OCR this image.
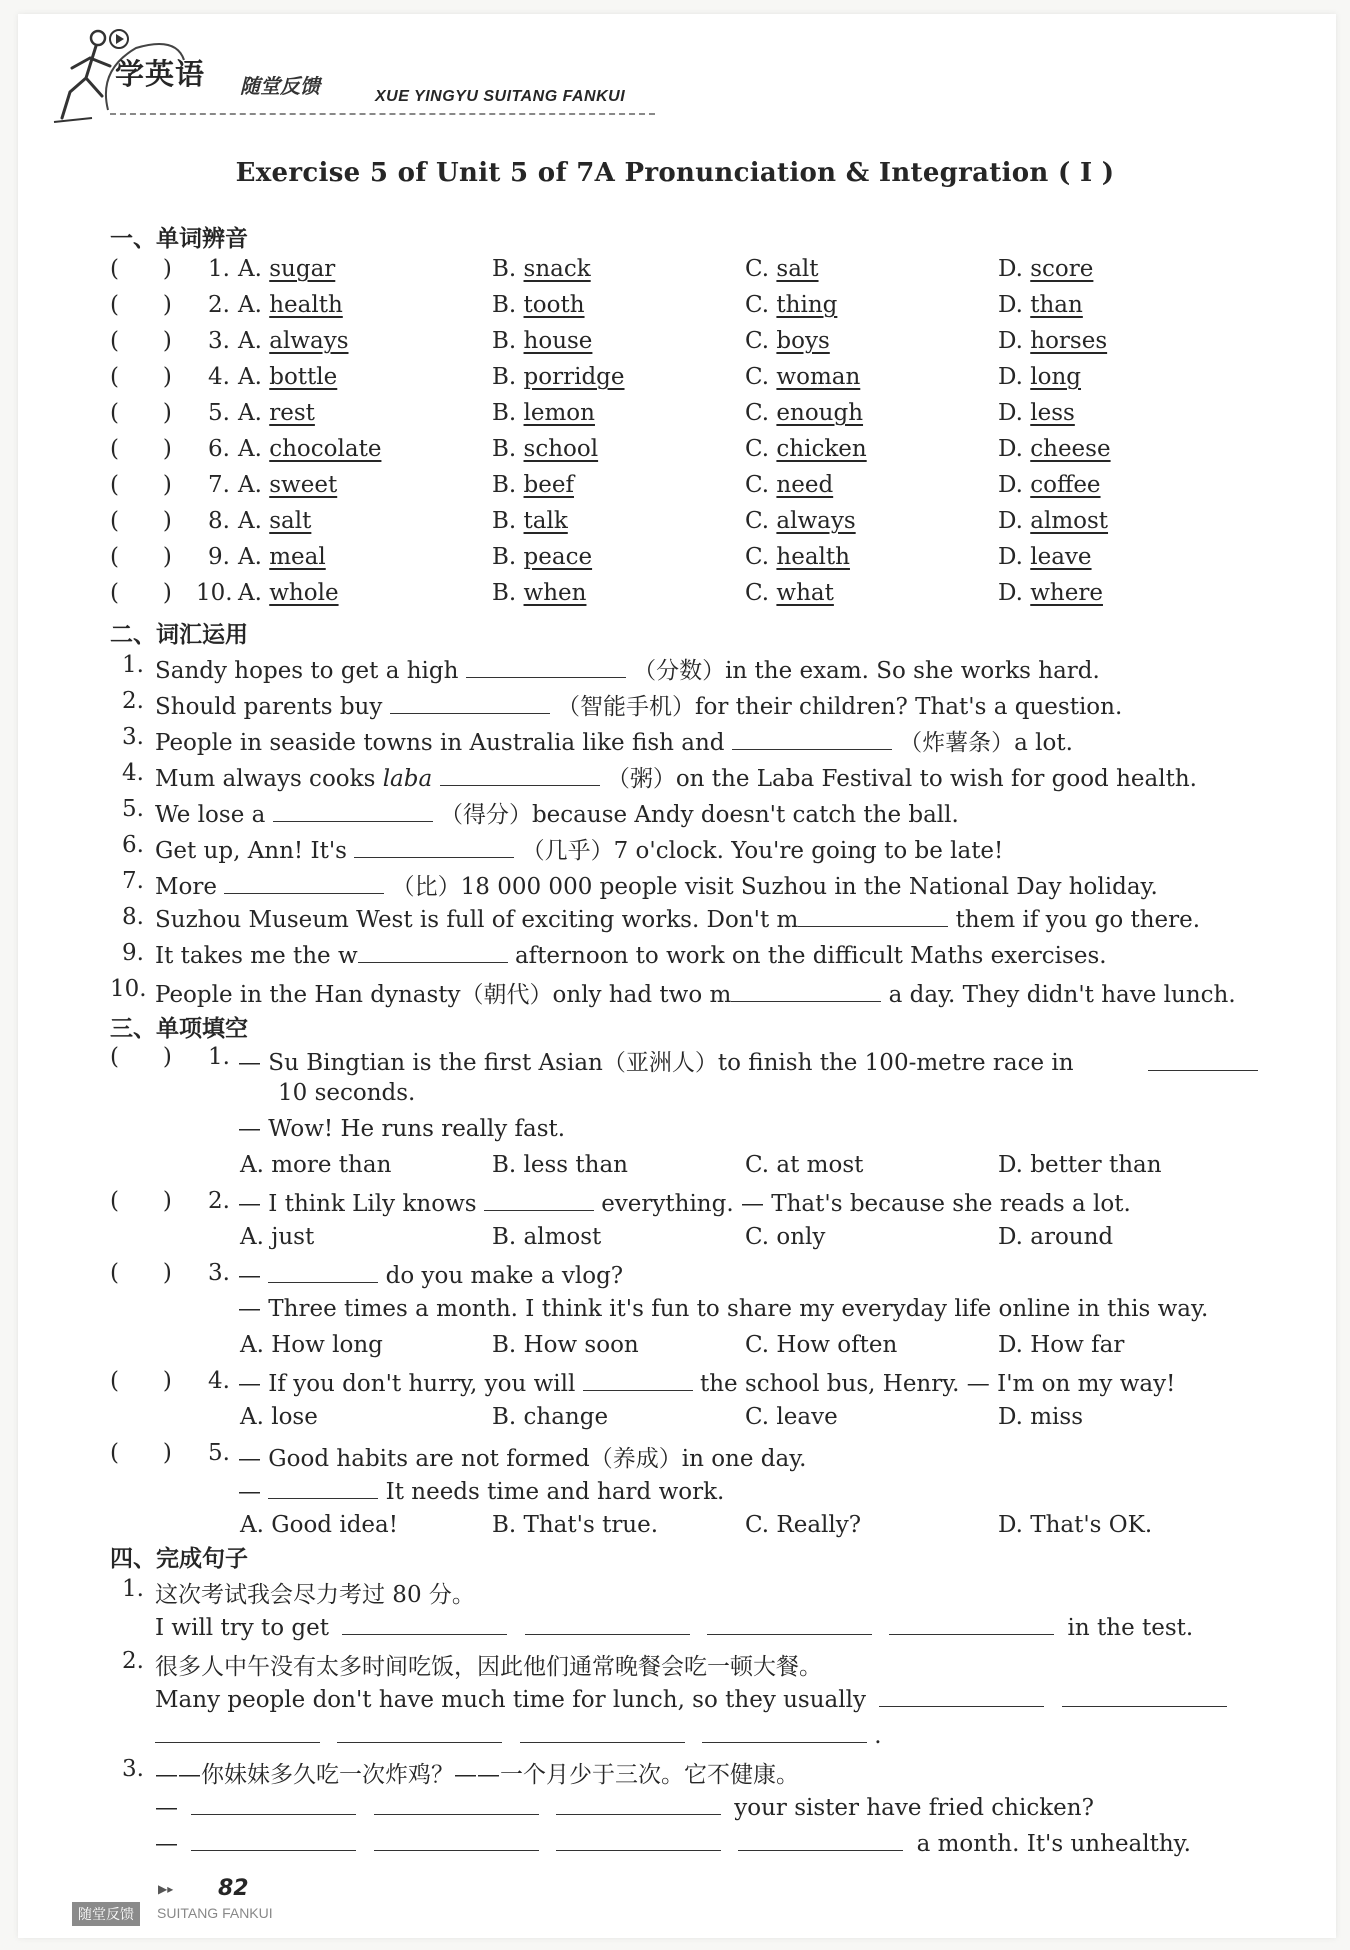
学英语 随堂反馈	XUE YINGYU SUITANG FANKUI
Exercise 5 of Unit 5 of 7A Pronunciation & Integration ( Ⅰ )
一、单词辨音
(      ) 1. A. sugar	B. snack	C. salt	D. score
(      ) 2. A. health	B. tooth	C. thing	D. than
(      ) 3. A. always	B. house	C. boys	D. horses
(      ) 4. A. bottle	B. porridge	C. woman	D. long
(      ) 5. A. rest	B. lemon	C. enough	D. less
(      ) 6. A. chocolate	B. school	C. chicken	D. cheese
(      ) 7. A. sweet	B. beef	C. need	D. coffee
(      ) 8. A. salt	B. talk	C. always	D. almost
(      ) 9. A. meal	B. peace	C. health	D. leave
(      ) 10. A. whole	B. when	C. what	D. where
二、词汇运用
1. Sandy hopes to get a high	（分数）in the exam. So she works hard.
2. Should parents buy	（智能手机）for their children? That's a question.
3. People in seaside towns in Australia like fish and	（炸薯条）a lot.
4. Mum always cooks laba	（粥）on the Laba Festival to wish for good health.
5. We lose a	（得分）because Andy doesn't catch the ball.
6. Get up, Ann! It's	（几乎）7 o'clock. You're going to be late!
7. More	（比）18 000 000 people visit Suzhou in the National Day holiday.
8. Suzhou Museum West is full of exciting works. Don't m	them if you go there.
9. It takes me the w	afternoon to work on the difficult Maths exercises.
10. People in the Han dynasty（朝代）only had two m	a day. They didn't have lunch.
三、单项填空
(      ) 1. — Su Bingtian is the first Asian（亚洲人）to finish the 100-metre race in
10 seconds.
— Wow! He runs really fast.
A. more than	B. less than	C. at most	D. better than
(      ) 2. — I think Lily knows	everything. — That's because she reads a lot.
A. just	B. almost	C. only	D. around
(      ) 3. —	do you make a vlog?
— Three times a month. I think it's fun to share my everyday life online in this way.
A. How long	B. How soon	C. How often	D. How far
(      ) 4. — If you don't hurry, you will	the school bus, Henry. — I'm on my way!
A. lose	B. change	C. leave	D. miss
(      ) 5. — Good habits are not formed（养成）in one day.
—	It needs time and hard work.
A. Good idea!	B. That's true.	C. Really?	D. That's OK.
四、完成句子
1. 这次考试我会尽力考过 80 分。
I will try to get	in the test.
2. 很多人中午没有太多时间吃饭，因此他们通常晚餐会吃一顿大餐。
Many people don't have much time for lunch, so they usually
.
3. ——你妹妹多久吃一次炸鸡？——一个月少于三次。它不健康。
—	your sister have fried chicken?
—	a month. It's unhealthy.
▶▸ 82
随堂反馈	SUITANG FANKUI
